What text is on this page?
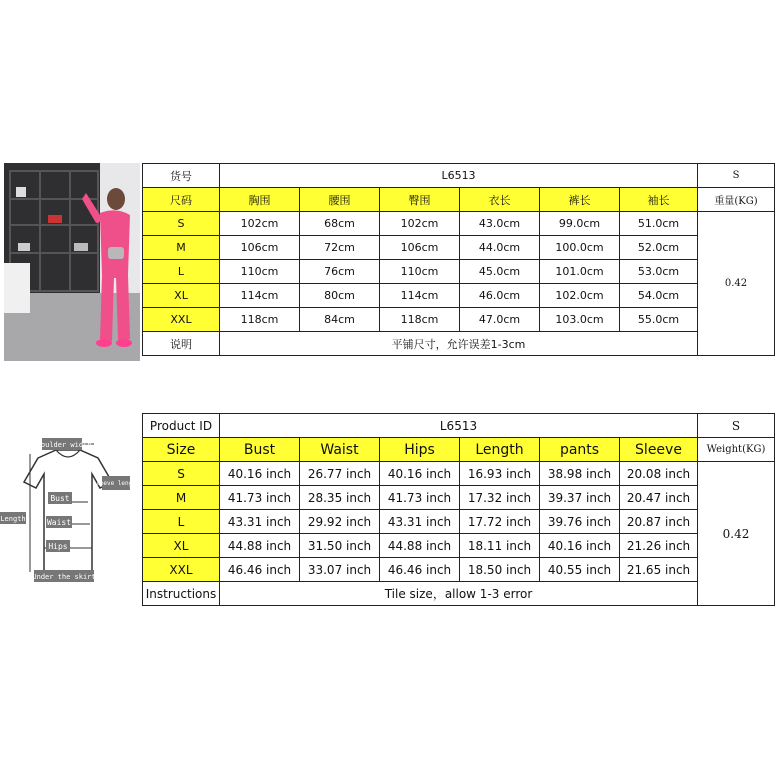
货号	L6513						S
尺码	胸围	腰围	臀围	衣长	裤长	袖长	重量(KG)
S	102cm	68cm	102cm	43.0cm	99.0cm	51.0cm	0.42
M	106cm	72cm	106cm	44.0cm	100.0cm	52.0cm	
L	110cm	76cm	110cm	45.0cm	101.0cm	53.0cm	
XL	114cm	80cm	114cm	46.0cm	102.0cm	54.0cm	
XXL	118cm	84cm	118cm	47.0cm	103.0cm	55.0cm	
说明	平铺尺寸，允许误差1-3cm						
shoulder width
sleeve length
Bust
Waist
Hips
Length
Under the skirt
Product ID	L6513						S
Size	Bust	Waist	Hips	Length	pants	Sleeve	Weight(KG)
S	40.16 inch	26.77 inch	40.16 inch	16.93 inch	38.98 inch	20.08 inch	0.42
M	41.73 inch	28.35 inch	41.73 inch	17.32 inch	39.37 inch	20.47 inch	
L	43.31 inch	29.92 inch	43.31 inch	17.72 inch	39.76 inch	20.87 inch	
XL	44.88 inch	31.50 inch	44.88 inch	18.11 inch	40.16 inch	21.26 inch	
XXL	46.46 inch	33.07 inch	46.46 inch	18.50 inch	40.55 inch	21.65 inch	
Instructions	Tile size，allow 1-3 error						
